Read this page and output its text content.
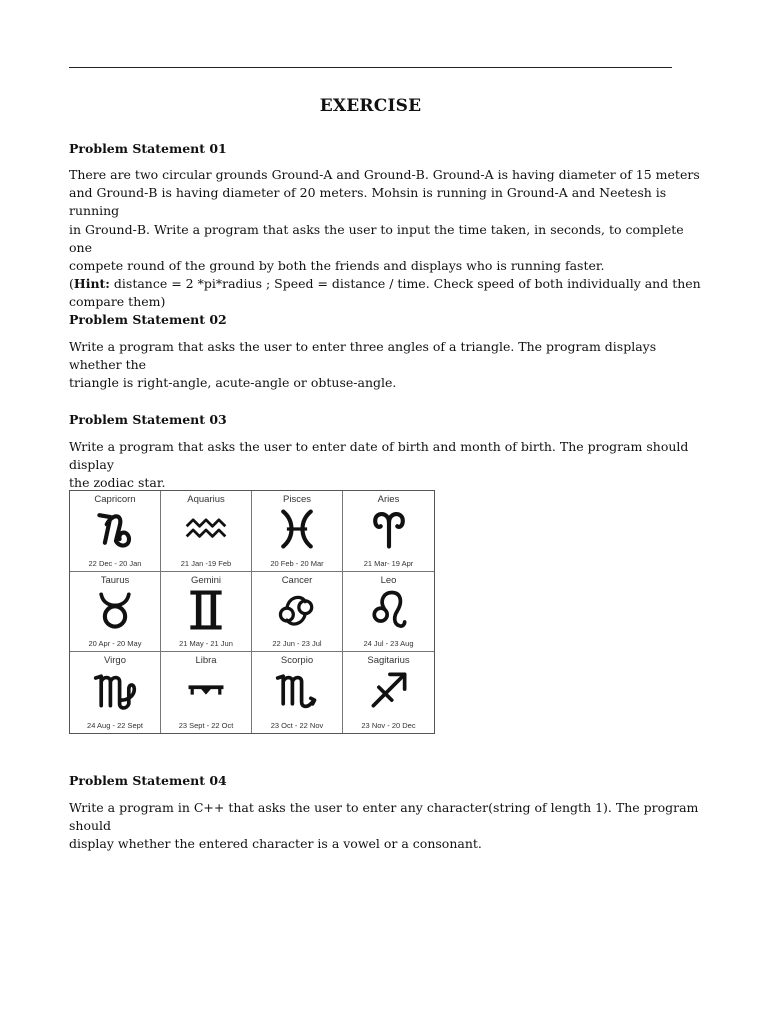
EXERCISE
Problem Statement 01
There are two circular grounds Ground-A and Ground-B. Ground-A is having diameter of 15 meters
and Ground-B is having diameter of 20 meters. Mohsin is running in Ground-A and Neetesh is running
in Ground-B. Write a program that asks the user to input the time taken, in seconds, to complete one
compete round of the ground by both the friends and displays who is running faster.
(Hint: distance = 2 *pi*radius ; Speed = distance / time. Check speed of both individually and then
compare them)
Problem Statement 02
Write a program that asks the user to enter three angles of a triangle. The program displays whether the
triangle is right-angle, acute-angle or obtuse-angle.
Problem Statement 03
Write a program that asks the user to enter date of birth and month of birth. The program should display
the zodiac star.
Capricorn
22 Dec - 20 Jan
Aquarius
21 Jan -19 Feb
Pisces
20 Feb - 20 Mar
Aries
21 Mar- 19 Apr
Taurus
20 Apr - 20 May
Gemini
21 May - 21 Jun
Cancer
22 Jun - 23 Jul
Leo
24 Jul - 23 Aug
Virgo
24 Aug - 22 Sept
Libra
23 Sept - 22 Oct
Scorpio
23 Oct - 22 Nov
Sagitarius
23 Nov - 20 Dec
Problem Statement 04
Write a program in C++ that asks the user to enter any character(string of length 1). The program should
display whether the entered character is a vowel or a consonant.
